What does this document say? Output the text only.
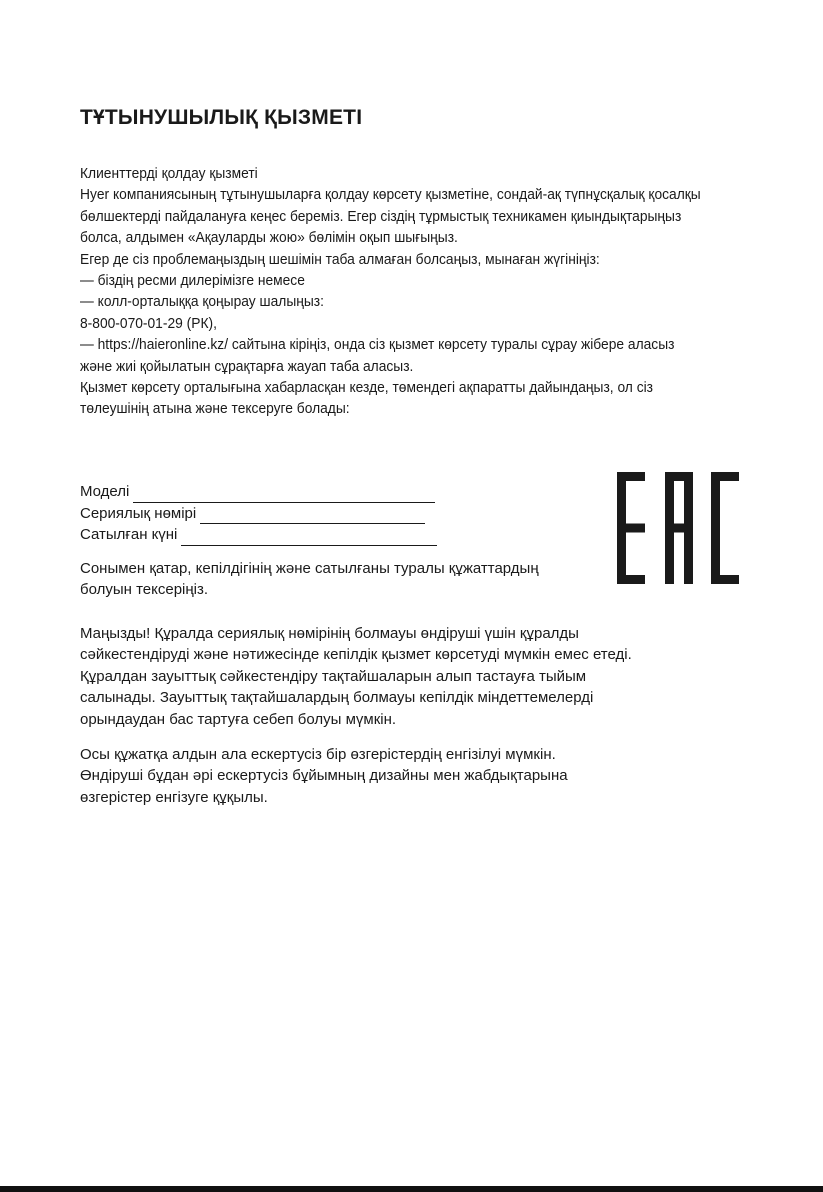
ТҰТЫНУШЫЛЫҚ ҚЫЗМЕТІ
Клиенттерді қолдау қызметі
Hyer компаниясының тұтынушыларға қолдау көрсету қызметіне, сондай-ақ түпнұсқалық қосалқы
бөлшектерді пайдалануға кеңес береміз. Егер сіздің тұрмыстық техникамен қиындықтарыңыз
болса, алдымен «Ақауларды жою» бөлімін оқып шығыңыз.
Егер де сіз проблемаңыздың шешімін таба алмаған болсаңыз, мынаған жүгініңіз:
— біздің ресми дилерімізге немесе
— колл-орталыққа қоңырау шалыңыз:
8-800-070-01-29 (РК),
— https://haieronline.kz/ сайтына кіріңіз, онда сіз қызмет көрсету туралы сұрау жібере аласыз
және жиі қойылатын сұрақтарға жауап таба аласыз.
Қызмет көрсету орталығына хабарласқан кезде, төмендегі ақпаратты дайындаңыз, ол сіз
төлеушінің атына және тексеруге болады:
Моделі
Сериялық нөмірі
Сатылған күні
Сонымен қатар, кепілдігінің және сатылғаны туралы құжаттардың
болуын тексеріңіз.
Маңызды! Құралда сериялық нөмірінің болмауы өндіруші үшін құралды
сәйкестендіруді және нәтижесінде кепілдік қызмет көрсетуді мүмкін емес етеді.
Құралдан зауыттық сәйкестендіру тақтайшаларын алып тастауға тыйым
салынады. Зауыттық тақтайшалардың болмауы кепілдік міндеттемелерді
орындаудан бас тартуға себеп болуы мүмкін.
Осы құжатқа алдын ала ескертусіз бір өзгерістердің енгізілуі мүмкін.
Өндіруші бұдан әрі ескертусіз бұйымның дизайны мен жабдықтарына
өзгерістер енгізуге құқылы.
